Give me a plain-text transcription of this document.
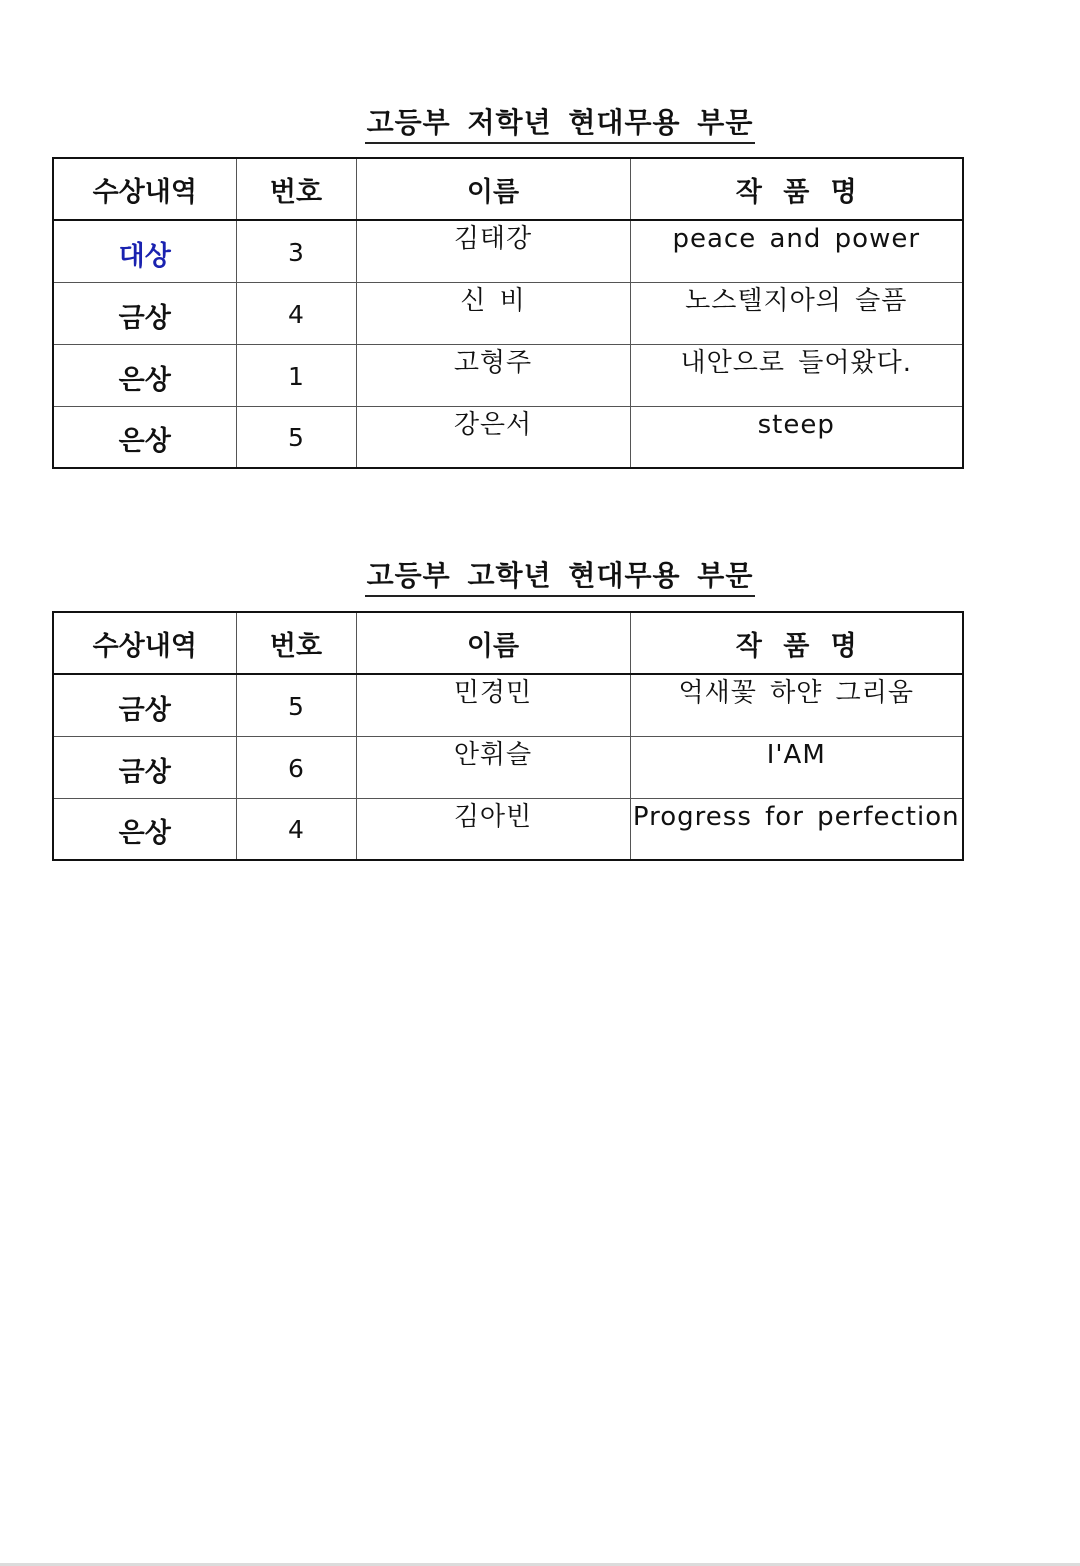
고등부 저학년 현대무용 부문
수상내역	번호	이름	작 품 명
대상	3	김태강	peace and power
금상	4	신 비	노스텔지아의 슬픔
은상	1	고형주	내안으로 들어왔다.
은상	5	강은서	steep
고등부 고학년 현대무용 부문
수상내역	번호	이름	작 품 명
금상	5	민경민	억새꽃 하얀 그리움
금상	6	안휘슬	I'AM
은상	4	김아빈	Progress for perfection
